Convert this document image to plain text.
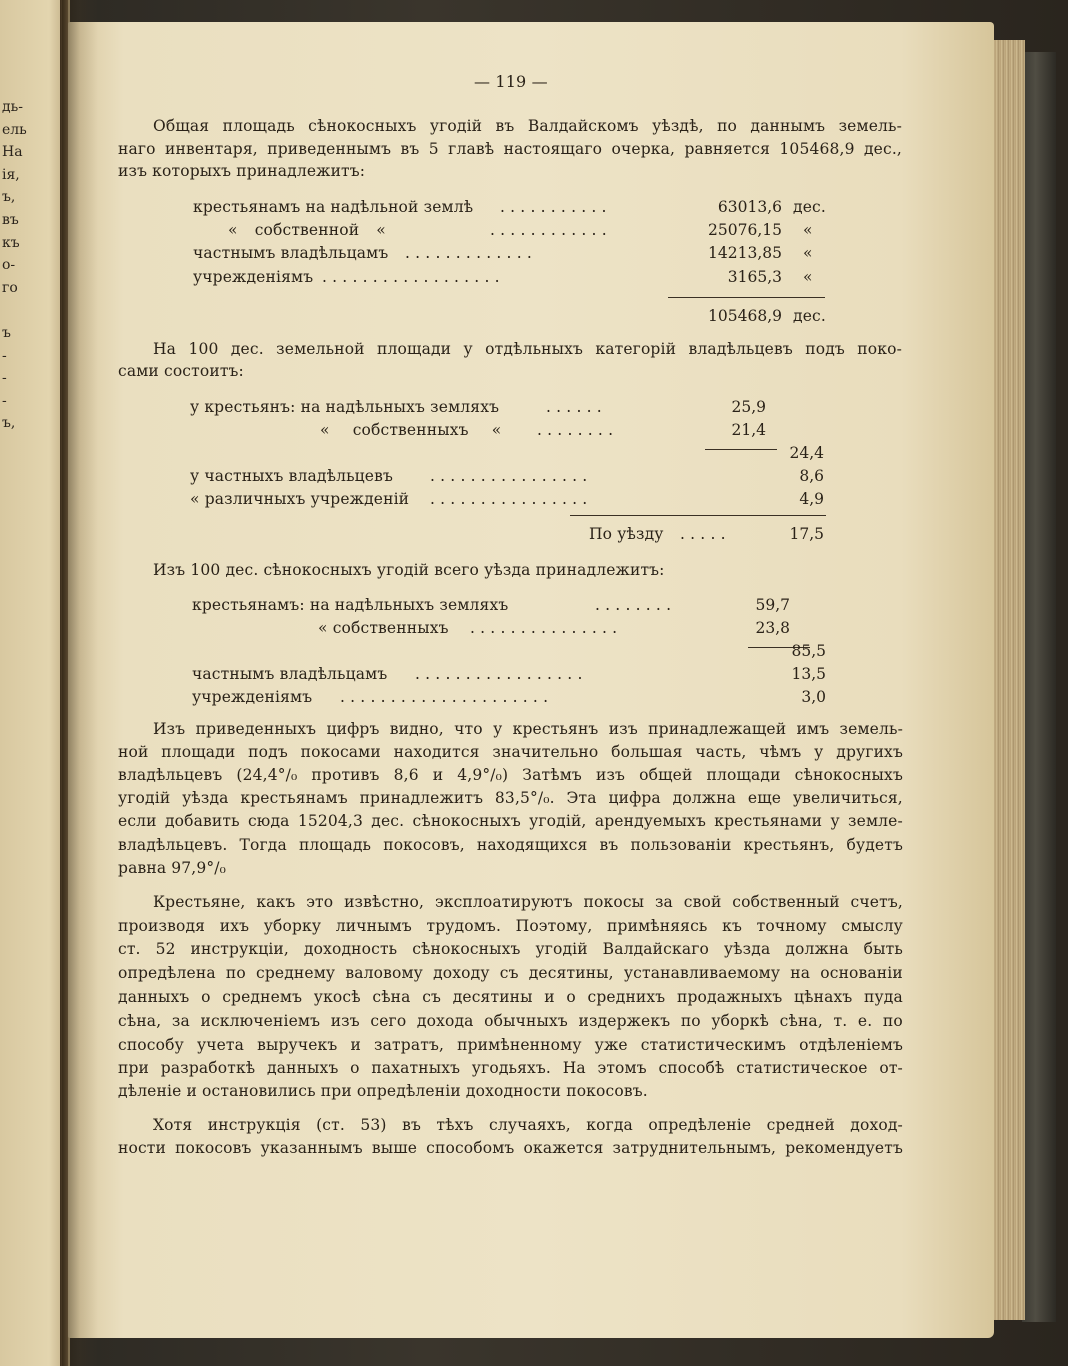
дь-
ель
На
ія,
ъ,
въ
къ
о-
го
ъ
-
-
-
ъ,
— 119 —
Общая площадь сѣнокосныхъ угодій въ Валдайскомъ уѣздѣ, по даннымъ земель-
наго инвентаря, приведеннымъ въ 5 главѣ настоящаго очерка, равняется 105468,9 дес.,
изъ которыхъ принадлежитъ:
крестьянамъ на надѣльной землѣ . . . . . . . . . . .	63013,6 дес.
« собственной «	. . . . . . . . . . . .	25076,15 «
частнымъ владѣльцамъ . . . . . . . . . . . . .	14213,85 «
учрежденіямъ . . . . . . . . . . . . . . . . . .	3165,3 «
105468,9 дес.
На 100 дес. земельной площади у отдѣльныхъ категорій владѣльцевъ подъ поко-
сами состоитъ:
у крестьянъ: на надѣльныхъ земляхъ	. . . . . .	25,9
« собственныхъ « . . . . . . . .	21,4
24,4
у частныхъ владѣльцевъ . . . . . . . . . . . . . . . .	8,6
« различныхъ учрежденій . . . . . . . . . . . . . . . .	4,9
По уѣзду . . . . .	17,5
Изъ 100 дес. сѣнокосныхъ угодій всего уѣзда принадлежитъ:
крестьянамъ: на надѣльныхъ земляхъ	. . . . . . . .	59,7
« собственныхъ . . . . . . . . . . . . . . .	23,8
85,5
частнымъ владѣльцамъ . . . . . . . . . . . . . . . . .	13,5
учрежденіямъ . . . . . . . . . . . . . . . . . . . . .	3,0
Изъ приведенныхъ цифръ видно, что у крестьянъ изъ принадлежащей имъ земель-
ной площади подъ покосами находится значительно большая часть, чѣмъ у другихъ
владѣльцевъ (24,4°/₀ противъ 8,6 и 4,9°/₀) Затѣмъ изъ общей площади сѣнокосныхъ
угодій уѣзда крестьянамъ принадлежитъ 83,5°/₀. Эта цифра должна еще увеличиться,
если добавить сюда 15204,3 дес. сѣнокосныхъ угодій, арендуемыхъ крестьянами у земле-
владѣльцевъ. Тогда площадь покосовъ, находящихся въ пользованіи крестьянъ, будетъ
равна 97,9°/₀
Крестьяне, какъ это извѣстно, эксплоатируютъ покосы за свой собственный счетъ,
производя ихъ уборку личнымъ трудомъ. Поэтому, примѣняясь къ точному смыслу
ст. 52 инструкціи, доходность сѣнокосныхъ угодій Валдайскаго уѣзда должна быть
опредѣлена по среднему валовому доходу съ десятины, устанавливаемому на основаніи
данныхъ о среднемъ укосѣ сѣна съ десятины и о среднихъ продажныхъ цѣнахъ пуда
сѣна, за исключеніемъ изъ сего дохода обычныхъ издержекъ по уборкѣ сѣна, т. е. по
способу учета выручекъ и затратъ, примѣненному уже статистическимъ отдѣленіемъ
при разработкѣ данныхъ о пахатныхъ угодьяхъ. На этомъ способѣ статистическое от-
дѣленіе и остановились при опредѣленіи доходности покосовъ.
Хотя инструкція (ст. 53) въ тѣхъ случаяхъ, когда опредѣленіе средней доход-
ности покосовъ указаннымъ выше способомъ окажется затруднительнымъ, рекомендуетъ
